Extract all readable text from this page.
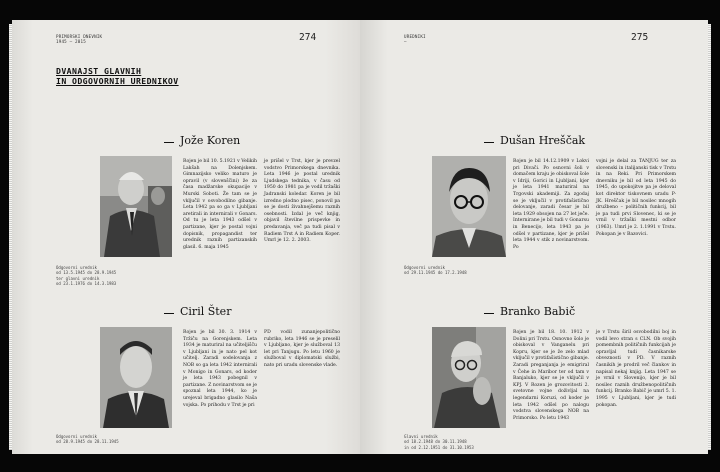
PRIMORSKI DNEVNIK
1945 – 2015	274
DVANAJST GLAVNIH
IN ODGOVORNIH UREDNIKOV
Jože Koren
Rojen je bil 10. 5.1921 v Velikih Lakšah na Dolenjskem. Gimnazijsko veliko maturo je opravil (v slovenščini) že za časa madžarske okupacije v Murski Soboti. Že tam se je vključil v osvobodilno gibanje. Leta 1942 pa so ga v Ljubljani aretirali in internirali v Gonars. Od tu je leta 1943 odšel v partizane, kjer je postal vojni dopisnik, propagandist ter urednik raznih partizanskih glasil. 6. maja 1945
je prišel v Trst, kjer je prevzel vodstvo Primorskega dnevnika. Leta 1946 je postal urednik Ljudskega tednika, v času od 1950 do 1981 pa je vodil tržaški Jadranski koledar. Koren je bil izredno plodno pisec, ponovil pa se je dosti živahnejšemu raznih osebnosti. Izdal je več knjig, objavil številne prispevke in predavanja, več pa tudi pisal v Radiem Trst A in Radiem Koper. Umrl je 12. 2. 2003.
Odgovorni urednik
od 13.5.1945 do 28.9.1945
ter glavni urednik
od 23.1.1976 do 14.3.1983
Ciril Šter
Rojen je bil 30. 3. 1914 v Tržiču na Gorenjskem. Leta 1934 je maturiral na učiteljišču v Ljubljani in je nato pel kot učitelj. Zaradi sodelovanja z NOB so ga leta 1942 internirali v Monigo in Gonars, od koder je leta 1943 pobegnil v partizane. Z novinarstvom se je spoznal leta 1944, ko je urejeval brigadno glasilo Naša vojska. Po prihodu v Trst je pri
PD vodil zunanjepolitično rubriko, leta 1946 se je preselil v Ljubljano, kjer je služboval 13 let pri Tanjugu. Po letu 1960 je služboval v diplomatski službi, nato pri uradu slovenske vlade.
Odgovorni urednik
od 28.9.1945 do 28.11.1945
UREDNIKI
–	275
Dušan Hreščak
Rojen je bil 14.12.1909 v Lokvi pri Divači. Po osnovni šoli v domačem kraju je obiskoval šole v Idriji, Gorici in Ljubljani, kjer je leta 1941 maturiral na Trgovski akademiji. Za zgodaj se je vključil v protifašistično delovanje, zaradi česar je bil leta 1929 obsojen na 27 let ječe. Internirane je bil tudi v Gonarsu in Benecijo, leta 1943 pa je odšel v partizane, kjer je prišel leta 1944 v stik z novinarstvom. Po
vojni je delal za TANJUG ter za slovenski in italijanski tisk v Trstu in na Reki. Pri Primorskem dnevniku je bil od leta 1945 do 1945, do upokojitve pa je deloval kot direktor tiskovnem uradu P-JK. Hreščak je bil nosilec mnogih družbeno – političnih funkcij, bil je pa tudi prvi Slovenec, ki se je vrnil v tržaški mestni odbor (1963). Umrl je 2. 1.1991 v Trstu. Pokopan je v Bazovici.
Odgovorni urednik
od 29.11.1945 do 17.2.1948
Branko Babič
Rojen je bil 18. 10. 1912 v Dolini pri Trstu. Osnovno šolo je obiskoval v Vanganelu pri Kopru, kjer se je že zelo mlad vključil v protifašistično gibanje. Zaradi preganjanja je emigriral v Čehe in Maribor ter od tam v Banjaluko, kjer se je vključil v KPJ. V Rozen je grozovitosti 2. svetovne vojne doživljal na legendarni Koruzi, od koder je leta 1942 odšel po nalogu vodstva slovenskega NOB na Primorsko. Po letu 1943
je v Trstu širil osvobodilni boj in vodil levo stran s CLN. Ob svojih pomembnih političnih funkcijah je opravljal tudi časnikarske obveznosti v PD. V raznih časnikih je prodril več člankov in napisal nekaj knjig. Leta 1947 se je vrnil v Slovenijo, kjer je bil nosilec raznih družbenopolitičnih funkcij. Branko Babič je umrl 5. 1. 1995 v Ljubljani, kjer je tudi pokopan.
Glavni urednik
od 18.2.1948 do 30.11.1948
in od 2.12.1951 do 31.10.1953
